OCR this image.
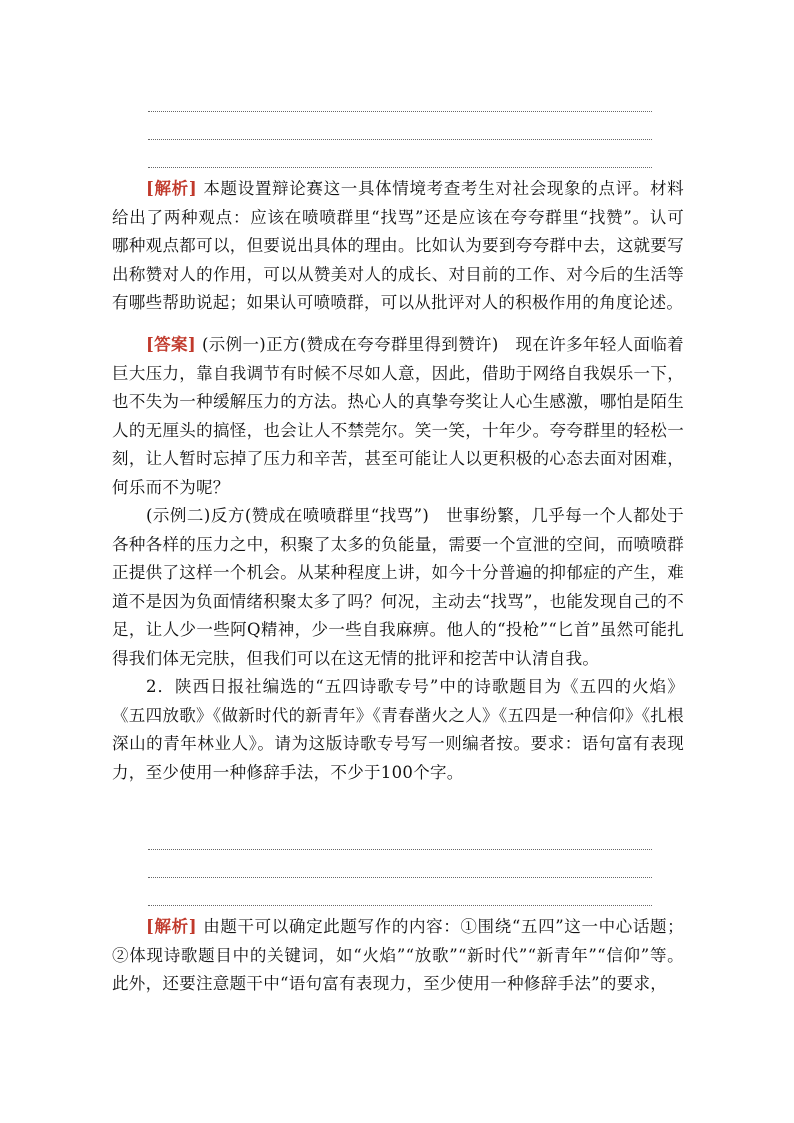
[解析] 本题设置辩论赛这一具体情境考查考生对社会现象的点评。材料给出了两种观点：应该在喷喷群里“找骂”还是应该在夸夸群里“找赞”。认可哪种观点都可以，但要说出具体的理由。比如认为要到夸夸群中去，这就要写出称赞对人的作用，可以从赞美对人的成长、对目前的工作、对今后的生活等有哪些帮助说起；如果认可喷喷群，可以从批评对人的积极作用的角度论述。

[答案] (示例一)正方(赞成在夸夸群里得到赞许)　现在许多年轻人面临着巨大压力，靠自我调节有时候不尽如人意，因此，借助于网络自我娱乐一下，也不失为一种缓解压力的方法。热心人的真挚夸奖让人心生感激，哪怕是陌生人的无厘头的搞怪，也会让人不禁莞尔。笑一笑，十年少。夸夸群里的轻松一刻，让人暂时忘掉了压力和辛苦，甚至可能让人以更积极的心态去面对困难，何乐而不为呢？

(示例二)反方(赞成在喷喷群里“找骂”)　世事纷繁，几乎每一个人都处于各种各样的压力之中，积聚了太多的负能量，需要一个宣泄的空间，而喷喷群正提供了这样一个机会。从某种程度上讲，如今十分普遍的抑郁症的产生，难道不是因为负面情绪积聚太多了吗？何况，主动去“找骂”，也能发现自己的不足，让人少一些阿Q精神，少一些自我麻痹。他人的“投枪”“匕首”虽然可能扎得我们体无完肤，但我们可以在这无情的批评和挖苦中认清自我。

2．陕西日报社编选的“五四诗歌专号”中的诗歌题目为《五四的火焰》《五四放歌》《做新时代的新青年》《青春凿火之人》《五四是一种信仰》《扎根深山的青年林业人》。请为这版诗歌专号写一则编者按。要求：语句富有表现力，至少使用一种修辞手法，不少于100个字。

[解析] 由题干可以确定此题写作的内容：①围绕“五四”这一中心话题；②体现诗歌题目中的关键词，如“火焰”“放歌”“新时代”“新青年”“信仰”等。此外，还要注意题干中“语句富有表现力，至少使用一种修辞手法”的要求，
